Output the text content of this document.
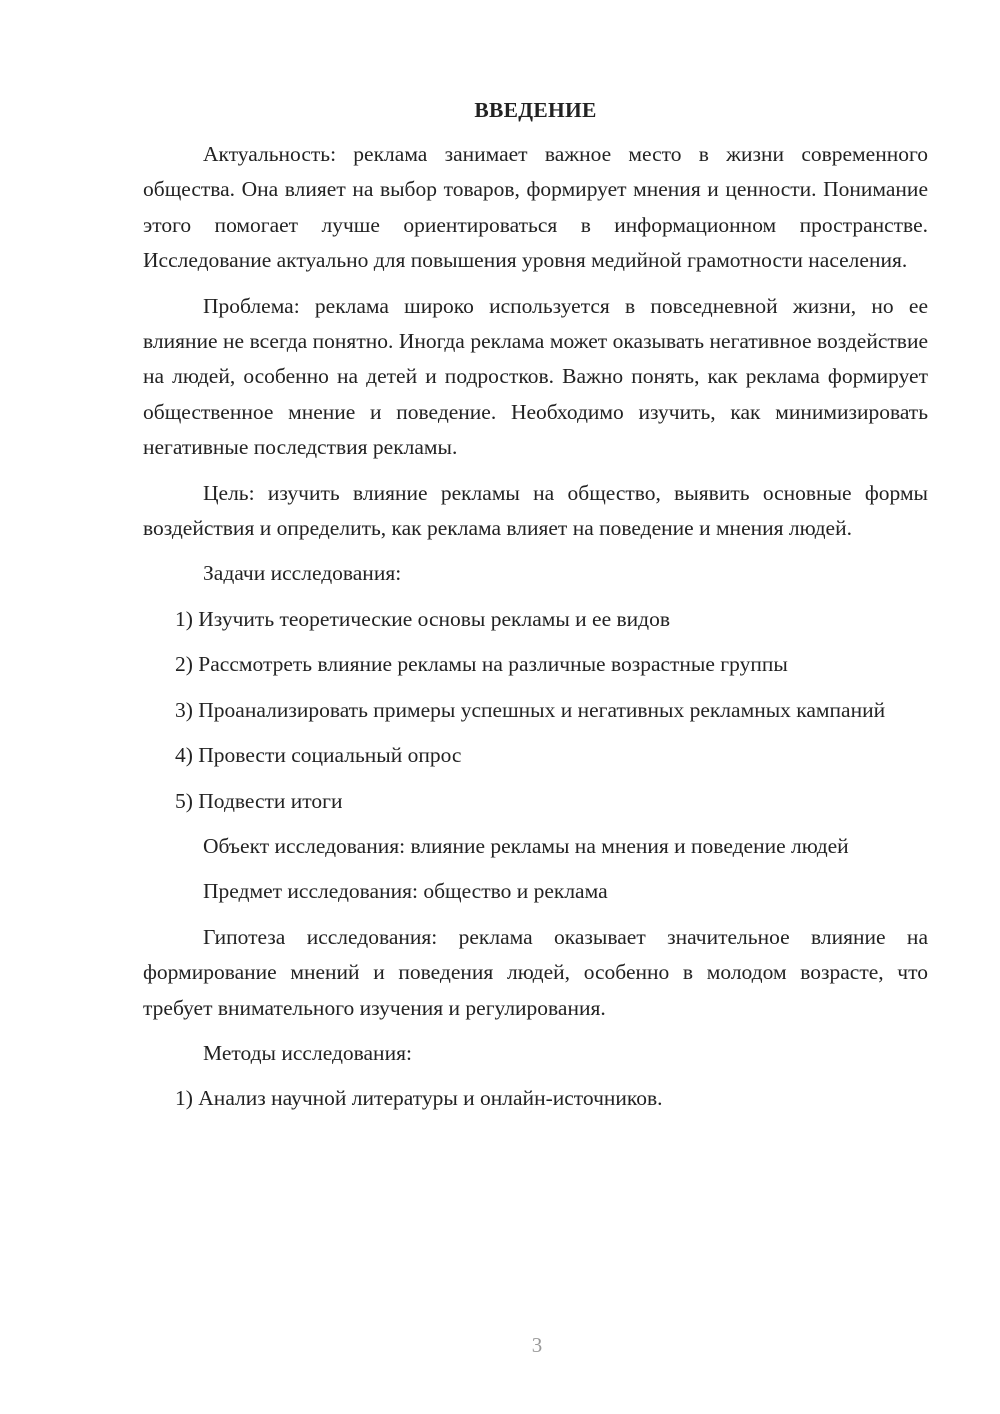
ВВЕДЕНИЕ

Актуальность: реклама занимает важное место в жизни современного общества. Она влияет на выбор товаров, формирует мнения и ценности. Понимание этого помогает лучше ориентироваться в информационном пространстве. Исследование актуально для повышения уровня медийной грамотности населения.

Проблема: реклама широко используется в повседневной жизни, но ее влияние не всегда понятно. Иногда реклама может оказывать негативное воздействие на людей, особенно на детей и подростков. Важно понять, как реклама формирует общественное мнение и поведение. Необходимо изучить, как минимизировать негативные последствия рекламы.

Цель: изучить влияние рекламы на общество, выявить основные формы воздействия и определить, как реклама влияет на поведение и мнения людей.

Задачи исследования:

1) Изучить теоретические основы рекламы и ее видов

2) Рассмотреть влияние рекламы на различные возрастные группы

3) Проанализировать примеры успешных и негативных рекламных кампаний

4) Провести социальный опрос

5) Подвести итоги

Объект исследования: влияние рекламы на мнения и поведение людей

Предмет исследования: общество и реклама

Гипотеза исследования: реклама оказывает значительное влияние на формирование мнений и поведения людей, особенно в молодом возрасте, что требует внимательного изучения и регулирования.

Методы исследования:

1) Анализ научной литературы и онлайн-источников.

3
